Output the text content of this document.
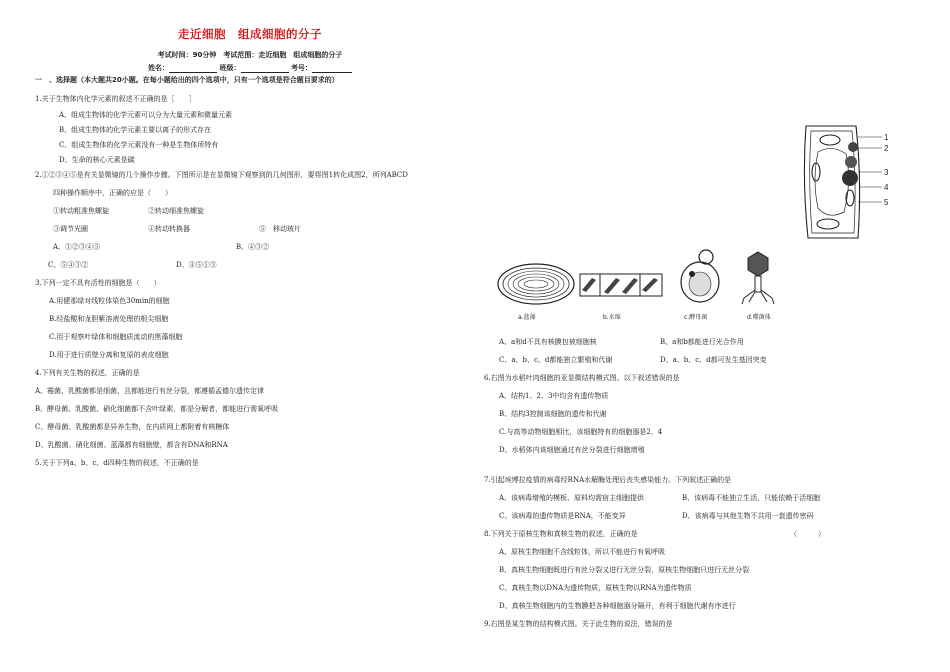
走近细胞　组成细胞的分子
考试时间：90分钟　考试范围：走近细胞　组成细胞的分子
姓名：	班级：	考号：
一　、选择题（本大题共20小题。在每小题给出的四个选项中，只有一个选项是符合题目要求的）
1.关于生物体内化学元素的叙述不正确的是［　　］
A、组成生物体的化学元素可以分为大量元素和微量元素
B、组成生物体的化学元素主要以离子的形式存在
C、组成生物体的化学元素没有一种是生物体所特有
D、生命的核心元素是碳
2.①②③④⑤是有关显微镜的几个操作步骤。下图所示是在显微镜下观察到的几何图形，要将图1转化成图2，所列ABCD
四种操作顺序中，正确的应是（　　）
①转动粗准焦螺旋	②转动细准焦螺旋
③调节光圈	④转动转换器	⑤　移动玻片
A、①②③④⑤	B、④③②
C、⑤④③②	D、④⑤①③
3.下列一定不具有活性的细胞是（　　）
A.用健那绿对线粒体染色30min的细胞
B.经盐酸和龙胆紫溶液处理的根尖细胞
C.用于观察叶绿体和细胞质流动的黑藻细胞
D.用于进行质壁分离和复原的表皮细胞
4.下列有关生物的叙述，正确的是
A、霉菌、乳酸菌都是细菌，且都能进行有丝分裂，都遵循孟德尔遗传定律
B、酵母菌、乳酸菌、硝化细菌都不含叶绿素，都是分解者，都能进行需氧呼吸
C、酵母菌、乳酸菌都是异养生物，在内质网上都附着有核糖体
D、乳酸菌、硝化细菌、蓝藻都有细胞壁，都含有DNA和RNA
5.关于下列a、b、c、d四种生物的叙述，不正确的是
1
2
3
4
5
a.蓝藻	b.水绵	c.酵母菌	d.噬菌体
A、a和d不具有核膜包被细胞核	B、a和b都能进行光合作用
C、a、b、c、d都能独立繁殖和代谢	D、a、b、c、d都可发生基因突变
6.右图为水稻叶肉细胞的亚显微结构模式图。以下叙述错误的是
A、结构1、2、3中均含有遗传物质
B、结构3控制该细胞的遗传和代谢
C.与高等动物细胞相比，该细胞特有的细胞器是2、4
D、水稻体内该细胞通过有丝分裂进行细胞增殖
7.引起埃博拉疫情的病毒经RNA水解酶处理后丧失感染能力。下列叙述正确的是
A、该病毒增殖的模板、原料均需宿主细胞提供	B、该病毒不能独立生活，只能依赖于活细胞
C、该病毒的遗传物质是RNA，不能变异	D、该病毒与其他生物不共用一套遗传密码
8.下列关于原核生物和真核生物的叙述，正确的是	（　　　）
A、原核生物细胞不含线粒体，所以不能进行有氧呼吸
B、真核生物细胞既进行有丝分裂又进行无丝分裂，原核生物细胞只进行无丝分裂
C、真核生物以DNA为遗传物质，原核生物以RNA为遗传物质
D、真核生物细胞内的生物膜把各种细胞器分隔开，有利于细胞代谢有序进行
9.右图是某生物的结构模式图。关于此生物的说法，错误的是
